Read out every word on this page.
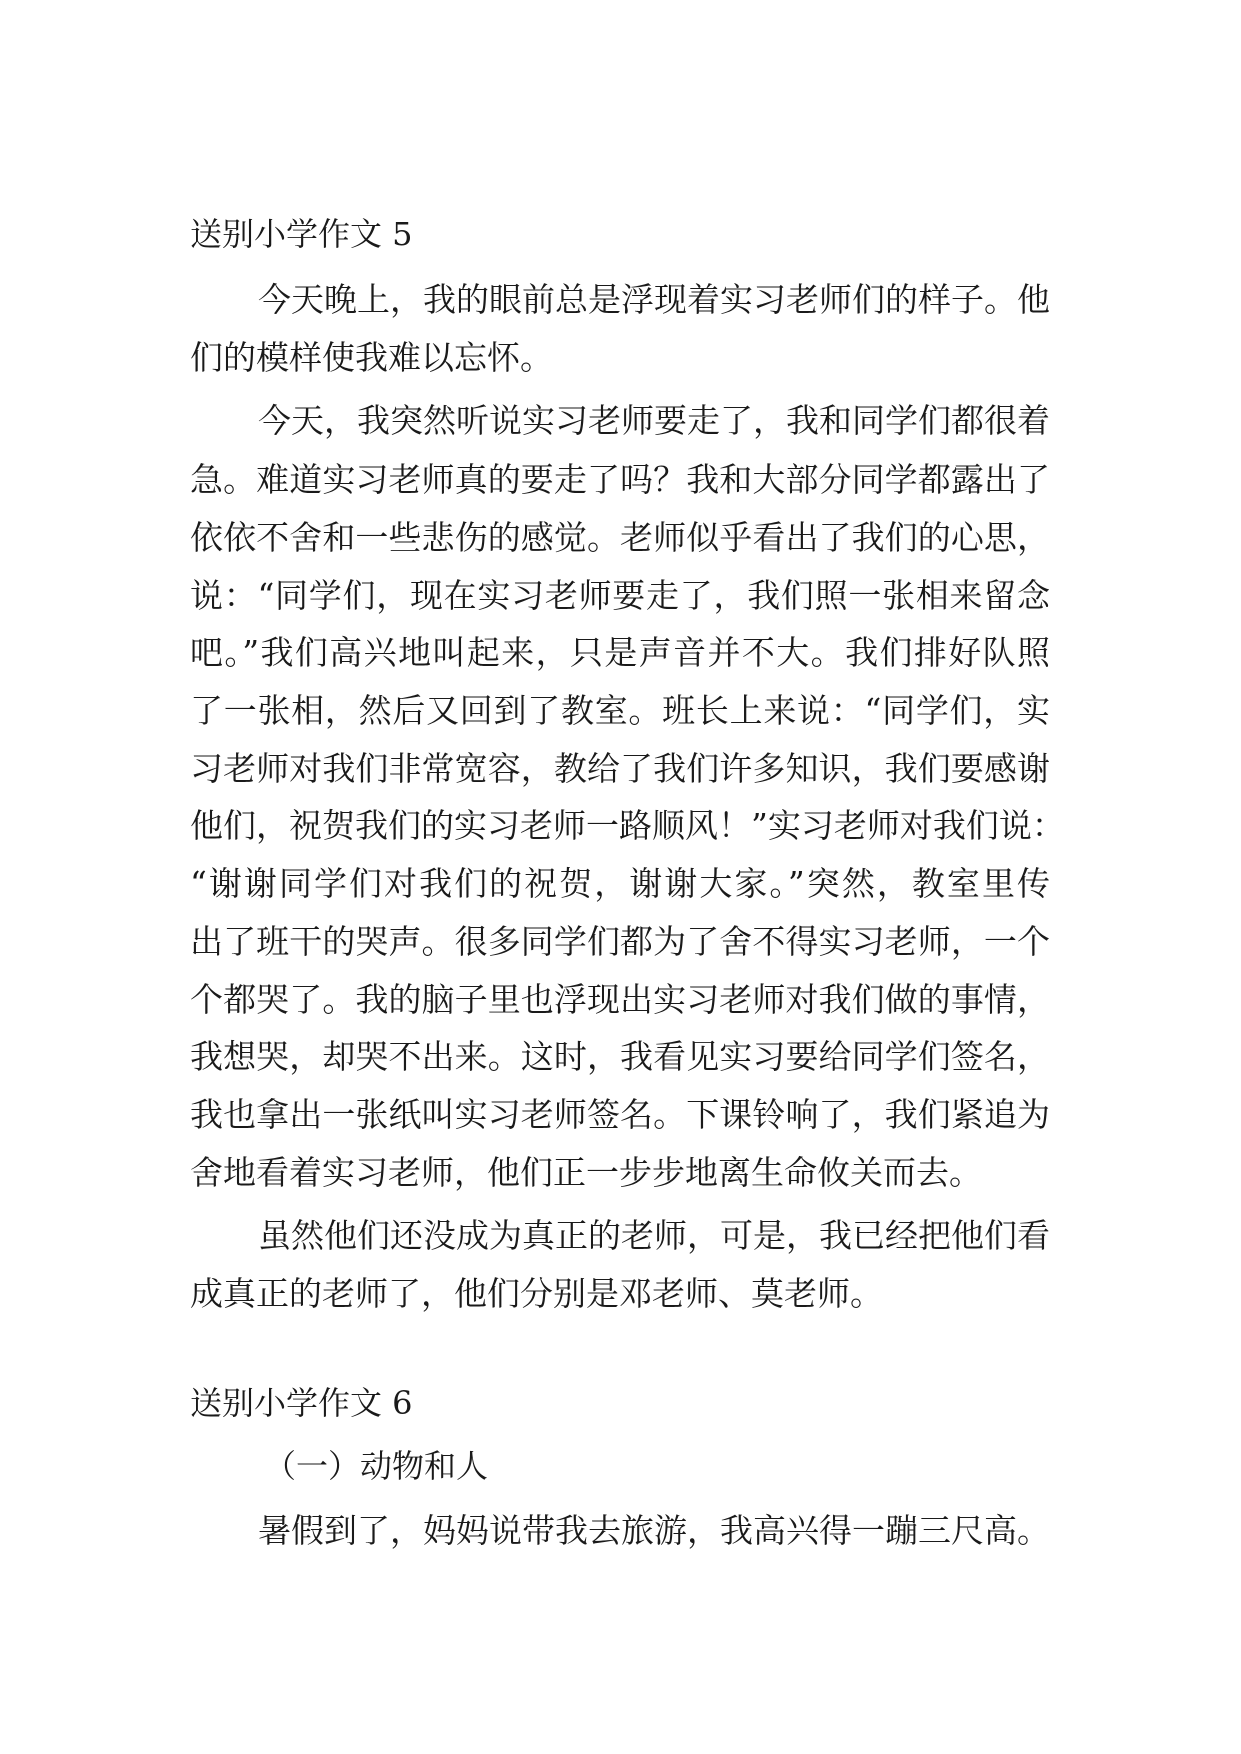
送别小学作文 5
今天晚上，我的眼前总是浮现着实习老师们的样子。他
们的模样使我难以忘怀。
今天，我突然听说实习老师要走了，我和同学们都很着
急。难道实习老师真的要走了吗？我和大部分同学都露出了
依依不舍和一些悲伤的感觉。老师似乎看出了我们的心思，
说：“同学们，现在实习老师要走了，我们照一张相来留念
吧。”我们高兴地叫起来，只是声音并不大。我们排好队照
了一张相，然后又回到了教室。班长上来说：“同学们，实
习老师对我们非常宽容，教给了我们许多知识，我们要感谢
他们，祝贺我们的实习老师一路顺风！”实习老师对我们说：
“谢谢同学们对我们的祝贺，谢谢大家。”突然，教室里传
出了班干的哭声。很多同学们都为了舍不得实习老师，一个
个都哭了。我的脑子里也浮现出实习老师对我们做的事情，
我想哭，却哭不出来。这时，我看见实习要给同学们签名，
我也拿出一张纸叫实习老师签名。下课铃响了，我们紧追为
舍地看着实习老师，他们正一步步地离生命攸关而去。
虽然他们还没成为真正的老师，可是，我已经把他们看
成真正的老师了，他们分别是邓老师、莫老师。
送别小学作文 6
（一）动物和人
暑假到了，妈妈说带我去旅游，我高兴得一蹦三尺高。
